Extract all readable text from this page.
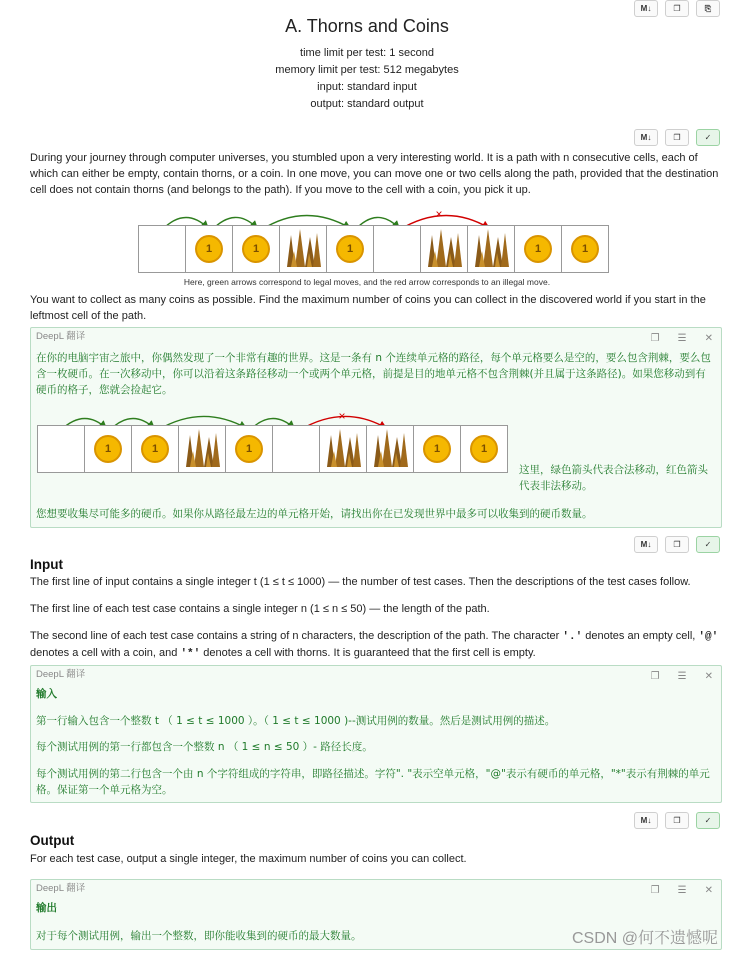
M↓	❐	⎘
A. Thorns and Coins
time limit per test: 1 second
memory limit per test: 512 megabytes
input: standard input
output: standard output
M↓	❐	✓
During your journey through computer universes, you stumbled upon a very interesting world. It is a path with n consecutive cells, each of which can either be empty, contain thorns, or a coin. In one move, you can move one or two cells along the path, provided that the destination cell does not contain thorns (and belongs to the path). If you move to the cell with a coin, you pick it up.
×
1	1	1	1	1
Here, green arrows correspond to legal moves, and the red arrow corresponds to an illegal move.
You want to collect as many coins as possible. Find the maximum number of coins you can collect in the discovered world if you start in the leftmost cell of the path.
DeepL 翻译	❐ ☰ ✕
在你的电脑宇宙之旅中，你偶然发现了一个非常有趣的世界。这是一条有 n 个连续单元格的路径，每个单元格要么是空的，要么包含荆棘，要么包含一枚硬币。在一次移动中，你可以沿着这条路径移动一个或两个单元格，前提是目的地单元格不包含荆棘(并且属于这条路径)。如果您移动到有硬币的格子，您就会捡起它。
×
1	1	1	1	1
这里，绿色箭头代表合法移动，红色箭头代表非法移动。
您想要收集尽可能多的硬币。如果你从路径最左边的单元格开始，请找出你在已发现世界中最多可以收集到的硬币数量。
M↓	❐	✓
Input
The first line of input contains a single integer t (1 ≤ t ≤ 1000) — the number of test cases. Then the descriptions of the test cases follow.
The first line of each test case contains a single integer n (1 ≤ n ≤ 50) — the length of the path.
The second line of each test case contains a string of n characters, the description of the path. The character '.' denotes an empty cell, '@' denotes a cell with a coin, and '*' denotes a cell with thorns. It is guaranteed that the first cell is empty.
DeepL 翻译	❐ ☰ ✕
输入
第一行输入包含一个整数 t （ 1 ≤ t ≤ 1000 ）。（ 1 ≤ t ≤ 1000 )--测试用例的数量。然后是测试用例的描述。
每个测试用例的第一行都包含一个整数 n （ 1 ≤ n ≤ 50 ）- 路径长度。
每个测试用例的第二行包含一个由 n 个字符组成的字符串，即路径描述。字符". "表示空单元格，"@"表示有硬币的单元格，"*"表示有荆棘的单元格。保证第一个单元格为空。
M↓	❐	✓
Output
For each test case, output a single integer, the maximum number of coins you can collect.
DeepL 翻译	❐ ☰ ✕
输出
对于每个测试用例，输出一个整数，即你能收集到的硬币的最大数量。	CSDN @何不遗憾呢
